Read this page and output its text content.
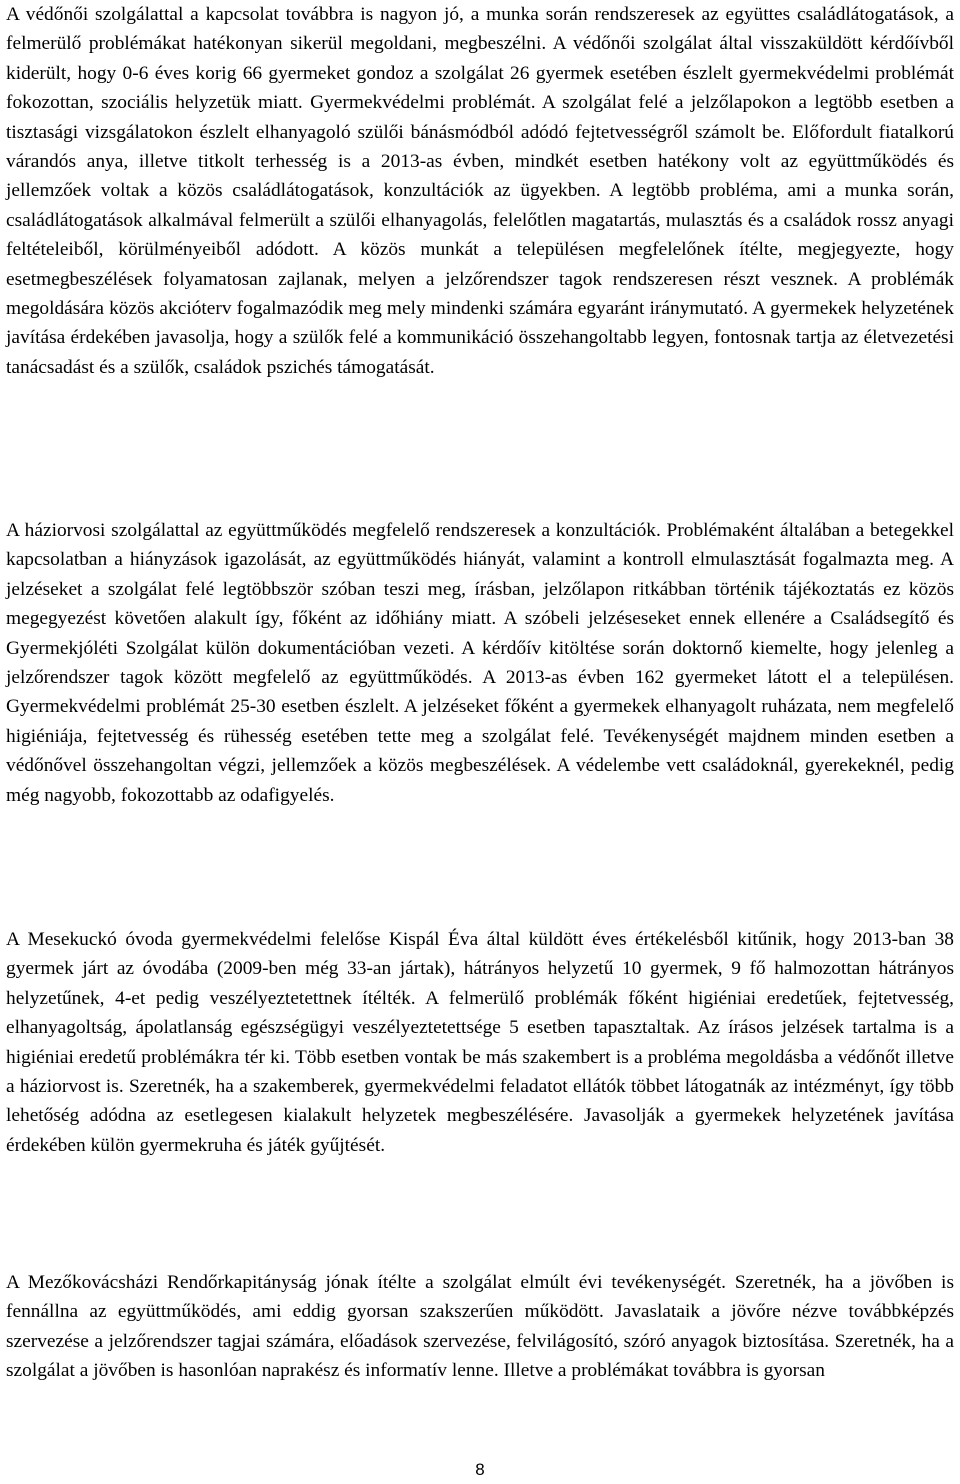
A védőnői szolgálattal a kapcsolat továbbra is nagyon jó, a munka során rendszeresek az együttes családlátogatások, a felmerülő problémákat hatékonyan sikerül megoldani, megbeszélni. A védőnői szolgálat által visszaküldött kérdőívből kiderült, hogy 0-6 éves korig 66 gyermeket gondoz a szolgálat 26 gyermek esetében észlelt gyermekvédelmi problémát fokozottan, szociális helyzetük miatt. Gyermekvédelmi problémát. A szolgálat felé a jelzőlapokon a legtöbb esetben a tisztasági vizsgálatokon észlelt elhanyagoló szülői bánásmódból adódó fejtetvességről számolt be. Előfordult fiatalkorú várandós anya, illetve titkolt terhesség is a 2013-as évben, mindkét esetben hatékony volt az együttműködés és jellemzőek voltak a közös családlátogatások, konzultációk az ügyekben. A legtöbb probléma, ami a munka során, családlátogatások alkalmával felmerült a szülői elhanyagolás, felelőtlen magatartás, mulasztás és a családok rossz anyagi feltételeiből, körülményeiből adódott. A közös munkát a településen megfelelőnek ítélte, megjegyezte, hogy esetmegbeszélések folyamatosan zajlanak, melyen a jelzőrendszer tagok rendszeresen részt vesznek. A problémák megoldására közös akcióterv fogalmazódik meg mely mindenki számára egyaránt iránymutató. A gyermekek helyzetének javítása érdekében javasolja, hogy a szülők felé a kommunikáció összehangoltabb legyen, fontosnak tartja az életvezetési tanácsadást és a szülők, családok pszichés támogatását.

A háziorvosi szolgálattal az együttműködés megfelelő rendszeresek a konzultációk. Problémaként általában a betegekkel kapcsolatban a hiányzások igazolását, az együttműködés hiányát, valamint a kontroll elmulasztását fogalmazta meg. A jelzéseket a szolgálat felé legtöbbször szóban teszi meg, írásban, jelzőlapon ritkábban történik tájékoztatás ez közös megegyezést követően alakult így, főként az időhiány miatt. A szóbeli jelzéseseket ennek ellenére a Családsegítő és Gyermekjóléti Szolgálat külön dokumentációban vezeti. A kérdőív kitöltése során doktornő kiemelte, hogy jelenleg a jelzőrendszer tagok között megfelelő az együttműködés. A 2013-as évben 162 gyermeket látott el a településen. Gyermekvédelmi problémát 25-30 esetben észlelt. A jelzéseket főként a gyermekek elhanyagolt ruházata, nem megfelelő higiéniája, fejtetvesség és rühesség esetében tette meg a szolgálat felé. Tevékenységét majdnem minden esetben a védőnővel összehangoltan végzi, jellemzőek a közös megbeszélések. A védelembe vett családoknál, gyerekeknél, pedig még nagyobb, fokozottabb az odafigyelés.

A Mesekuckó óvoda gyermekvédelmi felelőse Kispál Éva által küldött éves értékelésből kitűnik, hogy 2013-ban 38 gyermek járt az óvodába (2009-ben még 33-an jártak), hátrányos helyzetű 10 gyermek, 9 fő halmozottan hátrányos helyzetűnek, 4-et pedig veszélyeztetettnek ítélték. A felmerülő problémák főként higiéniai eredetűek, fejtetvesség, elhanyagoltság, ápolatlanság egészségügyi veszélyeztetettsége 5 esetben tapasztaltak. Az írásos jelzések tartalma is a higiéniai eredetű problémákra tér ki. Több esetben vontak be más szakembert is a probléma megoldásba a védőnőt illetve a háziorvost is. Szeretnék, ha a szakemberek, gyermekvédelmi feladatot ellátók többet látogatnák az intézményt, így több lehetőség adódna az esetlegesen kialakult helyzetek megbeszélésére. Javasolják a gyermekek helyzetének javítása érdekében külön gyermekruha és játék gyűjtését.

A Mezőkovácsházi Rendőrkapitányság jónak ítélte a szolgálat elmúlt évi tevékenységét. Szeretnék, ha a jövőben is fennállna az együttműködés, ami eddig gyorsan szakszerűen működött. Javaslataik a jövőre nézve továbbképzés szervezése a jelzőrendszer tagjai számára, előadások szervezése, felvilágosító, szóró anyagok biztosítása. Szeretnék, ha a szolgálat a jövőben is hasonlóan naprakész és informatív lenne. Illetve a problémákat továbbra is gyorsan

8
